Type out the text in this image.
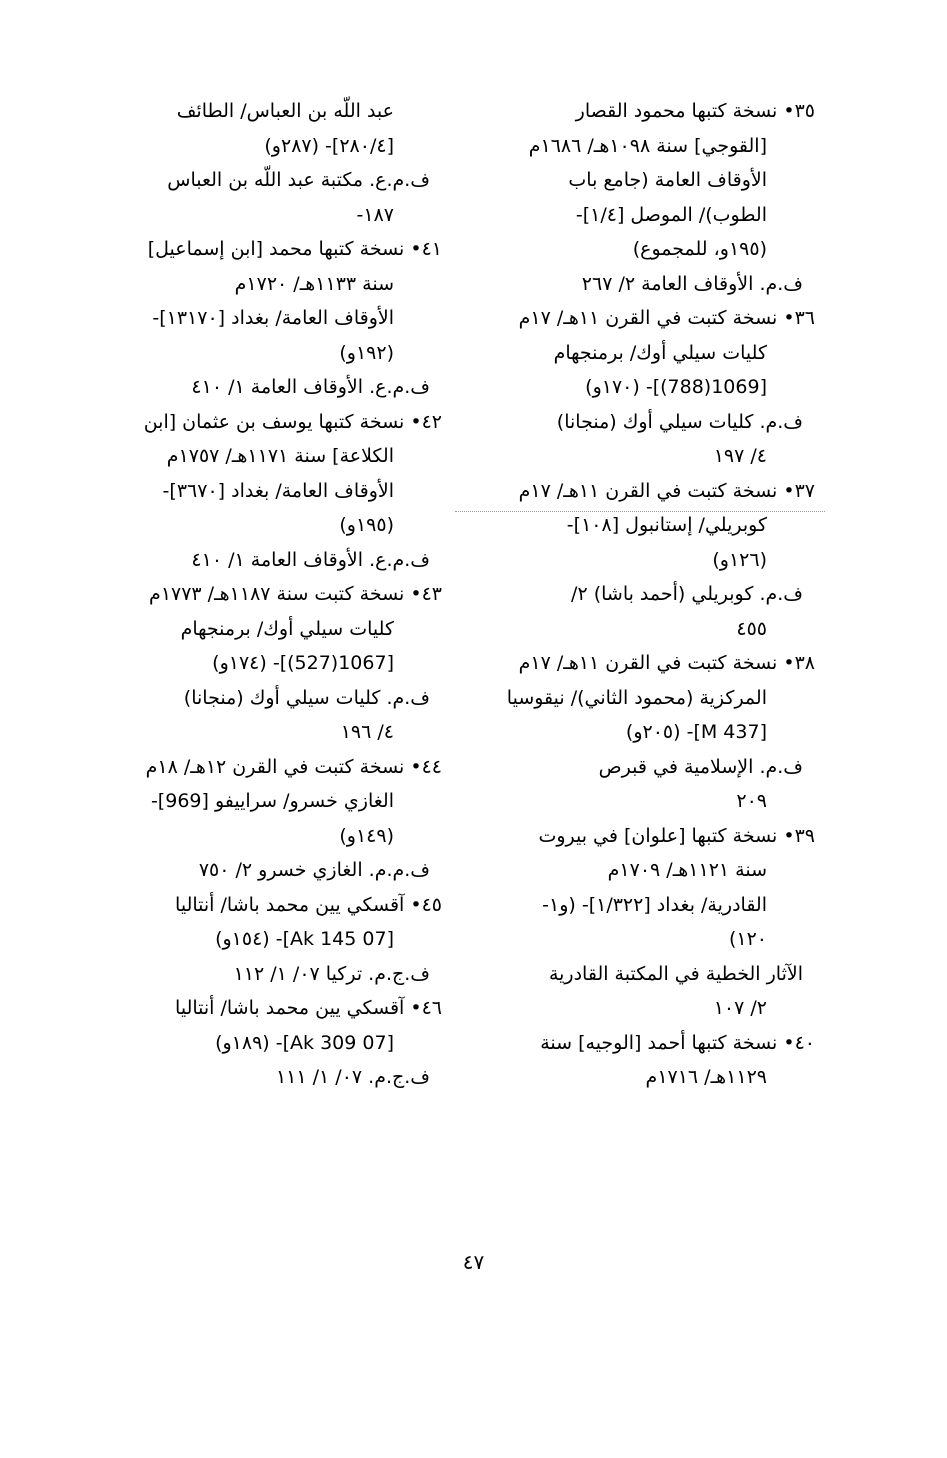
٣٥• نسخة كتبها محمود القصار
[القوجي] سنة ١٠٩٨هـ/ ١٦٨٦م
الأوقاف العامة (جامع باب
الطوب)/ الموصل [١/٤]-
(١٩٥و، للمجموع)
ف.م. الأوقاف العامة ٢/ ٢٦٧
٣٦• نسخة كتبت في القرن ١١هـ/ ١٧م
كليات سيلي أوك/ برمنجهام
[1069(788)]- (١٧٠و)
ف.م. كليات سيلي أوك (منجانا)
٤/ ١٩٧
٣٧• نسخة كتبت في القرن ١١هـ/ ١٧م
كوبريلي/ إستانبول [١٠٨]-
(١٢٦و)
ف.م. كوبريلي (أحمد باشا) ٢/
٤٥٥
٣٨• نسخة كتبت في القرن ١١هـ/ ١٧م
المركزية (محمود الثاني)/ نيقوسيا
[M 437]- (٢٠٥و)
ف.م. الإسلامية في قبرص
٢٠٩
٣٩• نسخة كتبها [علوان] في بيروت
سنة ١١٢١هـ/ ١٧٠٩م
القادرية/ بغداد [١/٣٢٢]- (و١-
١٢٠)
الآثار الخطية في المكتبة القادرية
٢/ ١٠٧
٤٠• نسخة كتبها أحمد [الوجيه] سنة
١١٢٩هـ/ ١٧١٦م
عبد اللّه بن العباس/ الطائف
[٢٨٠/٤]- (٢٨٧و)
ف.م.ع. مكتبة عبد اللّه بن العباس
١٨٧-
٤١• نسخة كتبها محمد [ابن إسماعيل]
سنة ١١٣٣هـ/ ١٧٢٠م
الأوقاف العامة/ بغداد [١٣١٧٠]-
(١٩٢و)
ف.م.ع. الأوقاف العامة ١/ ٤١٠
٤٢• نسخة كتبها يوسف بن عثمان [ابن
الكلاعة] سنة ١١٧١هـ/ ١٧٥٧م
الأوقاف العامة/ بغداد [٣٦٧٠]-
(١٩٥و)
ف.م.ع. الأوقاف العامة ١/ ٤١٠
٤٣• نسخة كتبت سنة ١١٨٧هـ/ ١٧٧٣م
كليات سيلي أوك/ برمنجهام
[1067(527)]- (١٧٤و)
ف.م. كليات سيلي أوك (منجانا)
٤/ ١٩٦
٤٤• نسخة كتبت في القرن ١٢هـ/ ١٨م
الغازي خسرو/ سراييفو [969]-
(١٤٩و)
ف.م.م. الغازي خسرو ٢/ ٧٥٠
٤٥• آقسكي يين محمد باشا/ أنتاليا
[07 Ak 145]- (١٥٤و)
ف.ج.م. تركيا ٠٧/ ١/ ١١٢
٤٦• آقسكي يين محمد باشا/ أنتاليا
[07 Ak 309]- (١٨٩و)
ف.ج.م. ٠٧/ ١/ ١١١
٤٧
